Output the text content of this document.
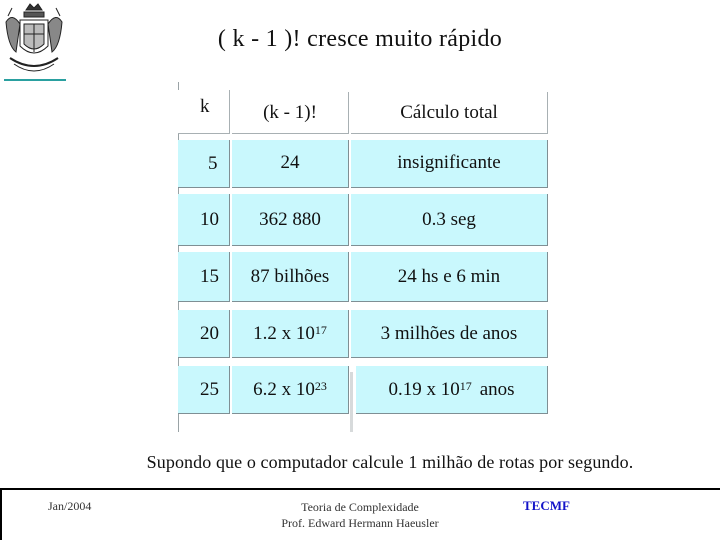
( k - 1 )! cresce muito rápido
k	(k - 1)!	Cálculo total
5	24	insignificante
10	362 880	0.3 seg
15	87 bilhões	24 hs e 6 min
20	1.2 x $10^{17}$	3 milhões de anos
25	6.2 x $10^{23}$	0.19 x $10^{17}$ anos
Supondo que o computador calcule 1 milhão de rotas por segundo.
Jan/2004	Teoria de Complexidade
Prof. Edward Hermann Haeusler
TECMF
